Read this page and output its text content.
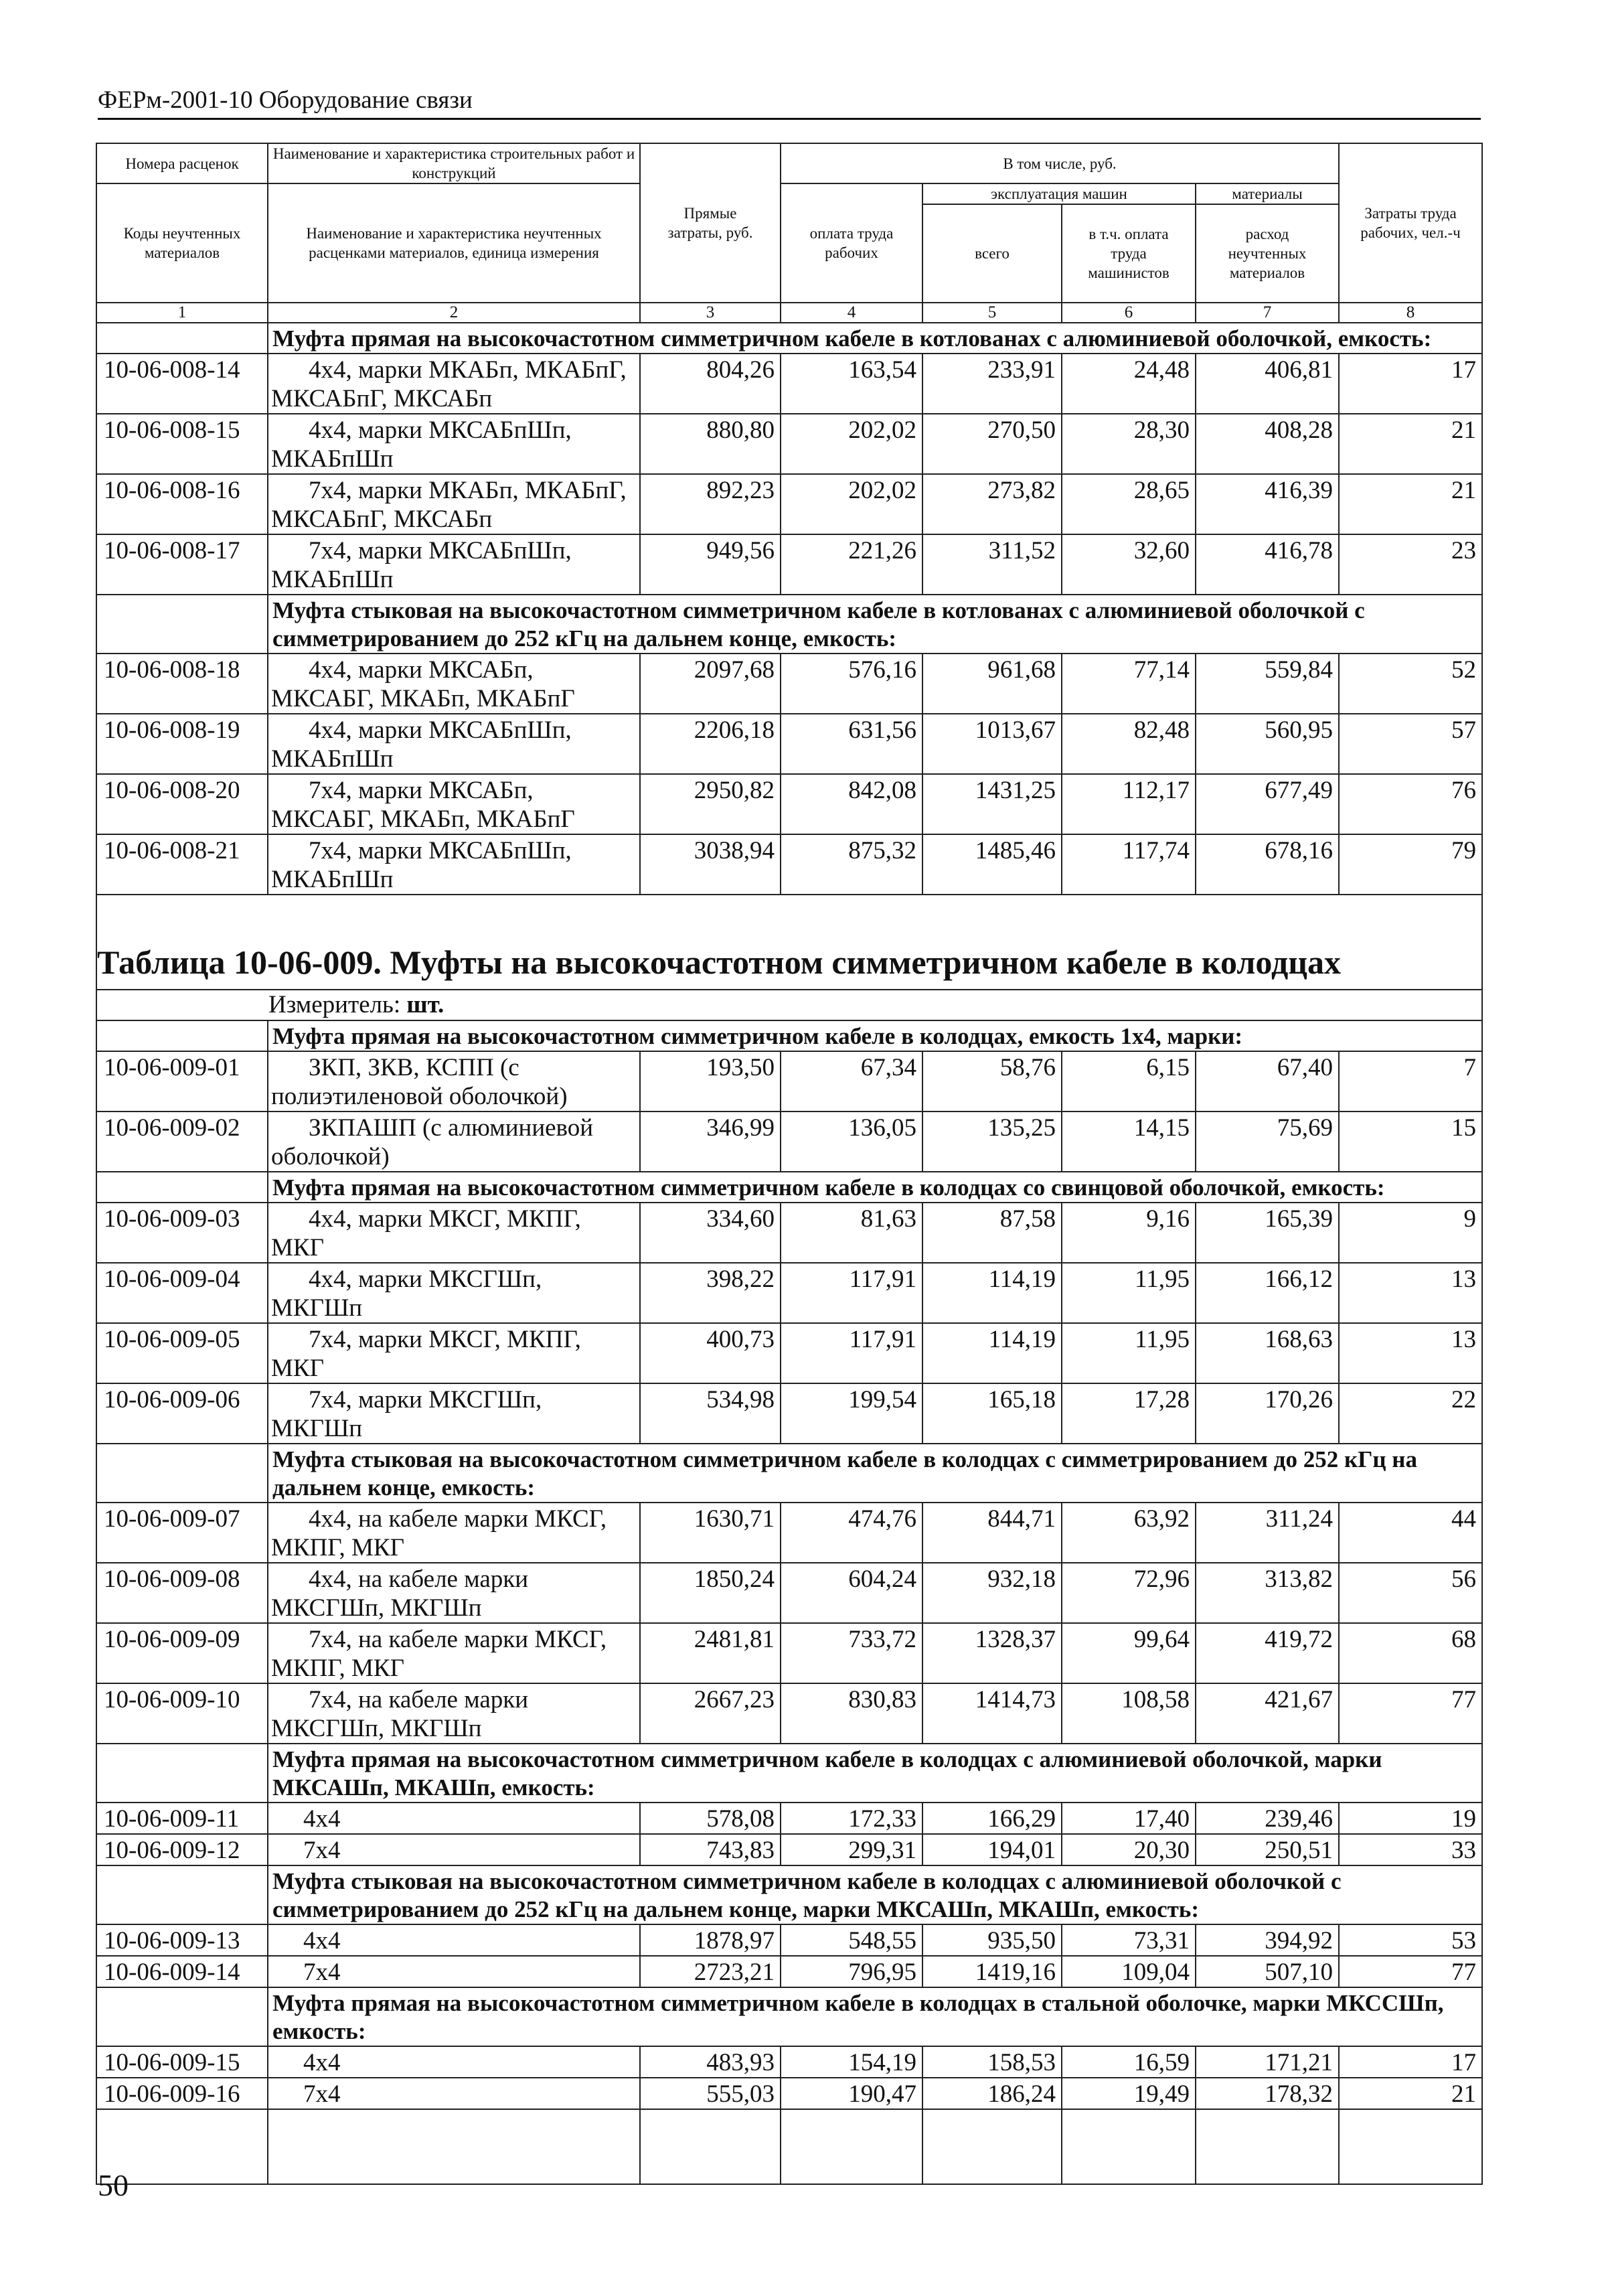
ФЕРм-2001-10 Оборудование связи
Номера расценок	Наименование и характеристика строительных работ и конструкций	Прямые затраты, руб.	В том числе, руб.				Затраты труда рабочих, чел.-ч
Коды неучтенных материалов	Наименование и характеристика неучтенных расценками материалов, единица измерения		оплата труда рабочих	эксплуатация машин		материалы	
				всего	в т.ч. оплата труда машинистов	расход неучтенных материалов	
1	2	3	4	5	6	7	8
	Муфта прямая на высокочастотном симметричном кабеле в котлованах с алюминиевой оболочкой, емкость:						
10-06-008-14	4х4, марки МКАБп, МКАБпГ, МКСАБпГ, МКСАБп	804,26	163,54	233,91	24,48	406,81	17
10-06-008-15	4х4, марки МКСАБпШп, МКАБпШп	880,80	202,02	270,50	28,30	408,28	21
10-06-008-16	7х4, марки МКАБп, МКАБпГ, МКСАБпГ, МКСАБп	892,23	202,02	273,82	28,65	416,39	21
10-06-008-17	7х4, марки МКСАБпШп, МКАБпШп	949,56	221,26	311,52	32,60	416,78	23
	Муфта стыковая на высокочастотном симметричном кабеле в котлованах с алюминиевой оболочкой с симметрированием до 252 кГц на дальнем конце, емкость:						
10-06-008-18	4х4, марки МКСАБп, МКСАБГ, МКАБп, МКАБпГ	2097,68	576,16	961,68	77,14	559,84	52
10-06-008-19	4х4, марки МКСАБпШп, МКАБпШп	2206,18	631,56	1013,67	82,48	560,95	57
10-06-008-20	7х4, марки МКСАБп, МКСАБГ, МКАБп, МКАБпГ	2950,82	842,08	1431,25	112,17	677,49	76
10-06-008-21	7х4, марки МКСАБпШп, МКАБпШп	3038,94	875,32	1485,46	117,74	678,16	79
Таблица 10-06-009. Муфты на высокочастотном симметричном кабеле в колодцах							
Измеритель: шт.							
	Муфта прямая на высокочастотном симметричном кабеле в колодцах, емкость 1х4, марки:						
10-06-009-01	ЗКП, ЗКВ, КСПП (с полиэтиленовой оболочкой)	193,50	67,34	58,76	6,15	67,40	7
10-06-009-02	ЗКПАШП (с алюминиевой оболочкой)	346,99	136,05	135,25	14,15	75,69	15
	Муфта прямая на высокочастотном симметричном кабеле в колодцах со свинцовой оболочкой, емкость:						
10-06-009-03	4х4, марки МКСГ, МКПГ, МКГ	334,60	81,63	87,58	9,16	165,39	9
10-06-009-04	4х4, марки МКСГШп, МКГШп	398,22	117,91	114,19	11,95	166,12	13
10-06-009-05	7х4, марки МКСГ, МКПГ, МКГ	400,73	117,91	114,19	11,95	168,63	13
10-06-009-06	7х4, марки МКСГШп, МКГШп	534,98	199,54	165,18	17,28	170,26	22
	Муфта стыковая на высокочастотном симметричном кабеле в колодцах с симметрированием до 252 кГц на дальнем конце, емкость:						
10-06-009-07	4х4, на кабеле марки МКСГ, МКПГ, МКГ	1630,71	474,76	844,71	63,92	311,24	44
10-06-009-08	4х4, на кабеле марки МКСГШп, МКГШп	1850,24	604,24	932,18	72,96	313,82	56
10-06-009-09	7х4, на кабеле марки МКСГ, МКПГ, МКГ	2481,81	733,72	1328,37	99,64	419,72	68
10-06-009-10	7х4, на кабеле марки МКСГШп, МКГШп	2667,23	830,83	1414,73	108,58	421,67	77
	Муфта прямая на высокочастотном симметричном кабеле в колодцах с алюминиевой оболочкой, марки МКСАШп, МКАШп, емкость:						
10-06-009-11	4х4	578,08	172,33	166,29	17,40	239,46	19
10-06-009-12	7х4	743,83	299,31	194,01	20,30	250,51	33
	Муфта стыковая на высокочастотном симметричном кабеле в колодцах с алюминиевой оболочкой с симметрированием до 252 кГц на дальнем конце, марки МКСАШп, МКАШп, емкость:						
10-06-009-13	4х4	1878,97	548,55	935,50	73,31	394,92	53
10-06-009-14	7х4	2723,21	796,95	1419,16	109,04	507,10	77
	Муфта прямая на высокочастотном симметричном кабеле в колодцах в стальной оболочке, марки МКССШп, емкость:						
10-06-009-15	4х4	483,93	154,19	158,53	16,59	171,21	17
10-06-009-16	7х4	555,03	190,47	186,24	19,49	178,32	21

50
